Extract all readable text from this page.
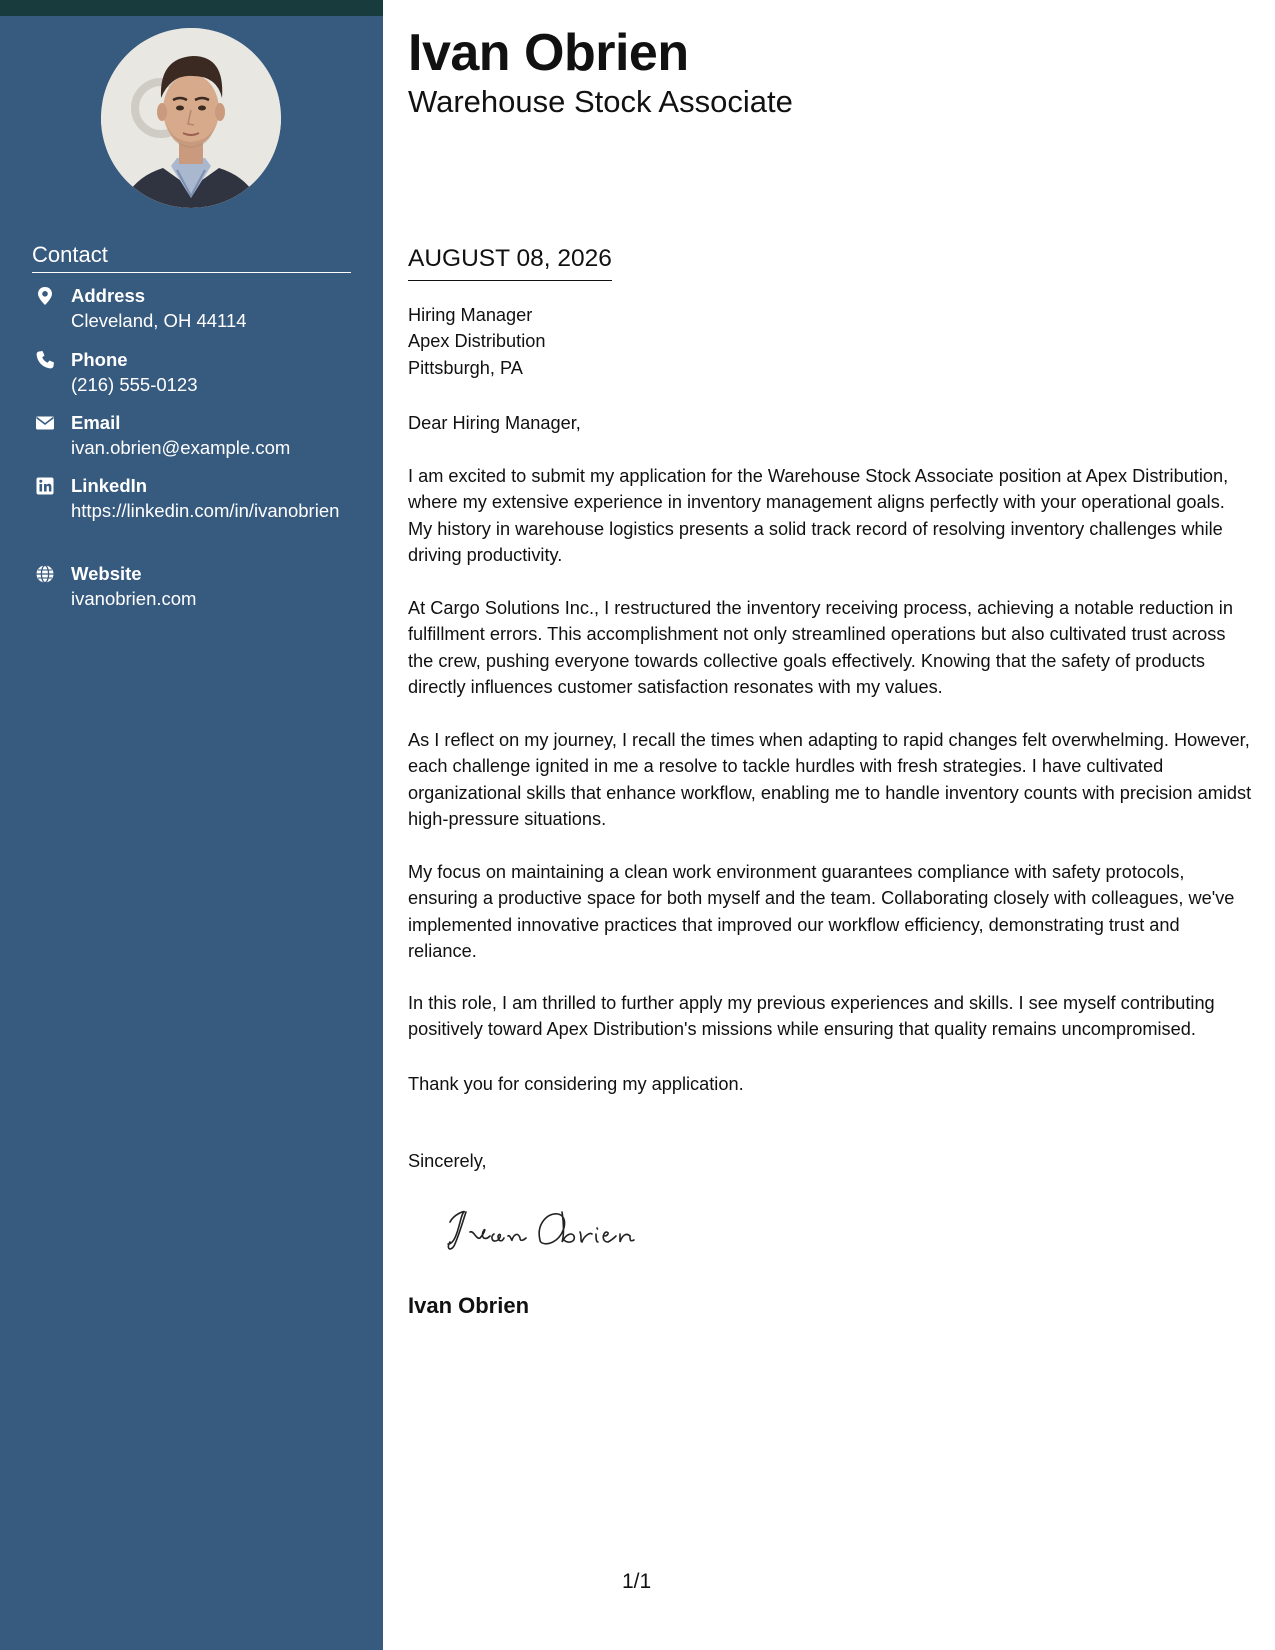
Contact
Address
Cleveland, OH 44114
Phone
(216) 555-0123
Email
ivan.obrien@example.com
LinkedIn
https://linkedin.com/in/ivanobrien
Website
ivanobrien.com
Ivan Obrien
Warehouse Stock Associate
AUGUST 08, 2026
Hiring Manager
Apex Distribution
Pittsburgh, PA
Dear Hiring Manager,

I am excited to submit my application for the Warehouse Stock Associate position at Apex Distribution, where my extensive experience in inventory management aligns perfectly with your operational goals. My history in warehouse logistics presents a solid track record of resolving inventory challenges while driving productivity.

At Cargo Solutions Inc., I restructured the inventory receiving process, achieving a notable reduction in fulfillment errors. This accomplishment not only streamlined operations but also cultivated trust across the crew, pushing everyone towards collective goals effectively. Knowing that the safety of products directly influences customer satisfaction resonates with my values.

As I reflect on my journey, I recall the times when adapting to rapid changes felt overwhelming. However, each challenge ignited in me a resolve to tackle hurdles with fresh strategies. I have cultivated organizational skills that enhance workflow, enabling me to handle inventory counts with precision amidst high-pressure situations.

My focus on maintaining a clean work environment guarantees compliance with safety protocols, ensuring a productive space for both myself and the team. Collaborating closely with colleagues, we've implemented innovative practices that improved our workflow efficiency, demonstrating trust and reliance.

In this role, I am thrilled to further apply my previous experiences and skills. I see myself contributing positively toward Apex Distribution's missions while ensuring that quality remains uncompromised.

Thank you for considering my application.

Sincerely,
Ivan Obrien
1/1
